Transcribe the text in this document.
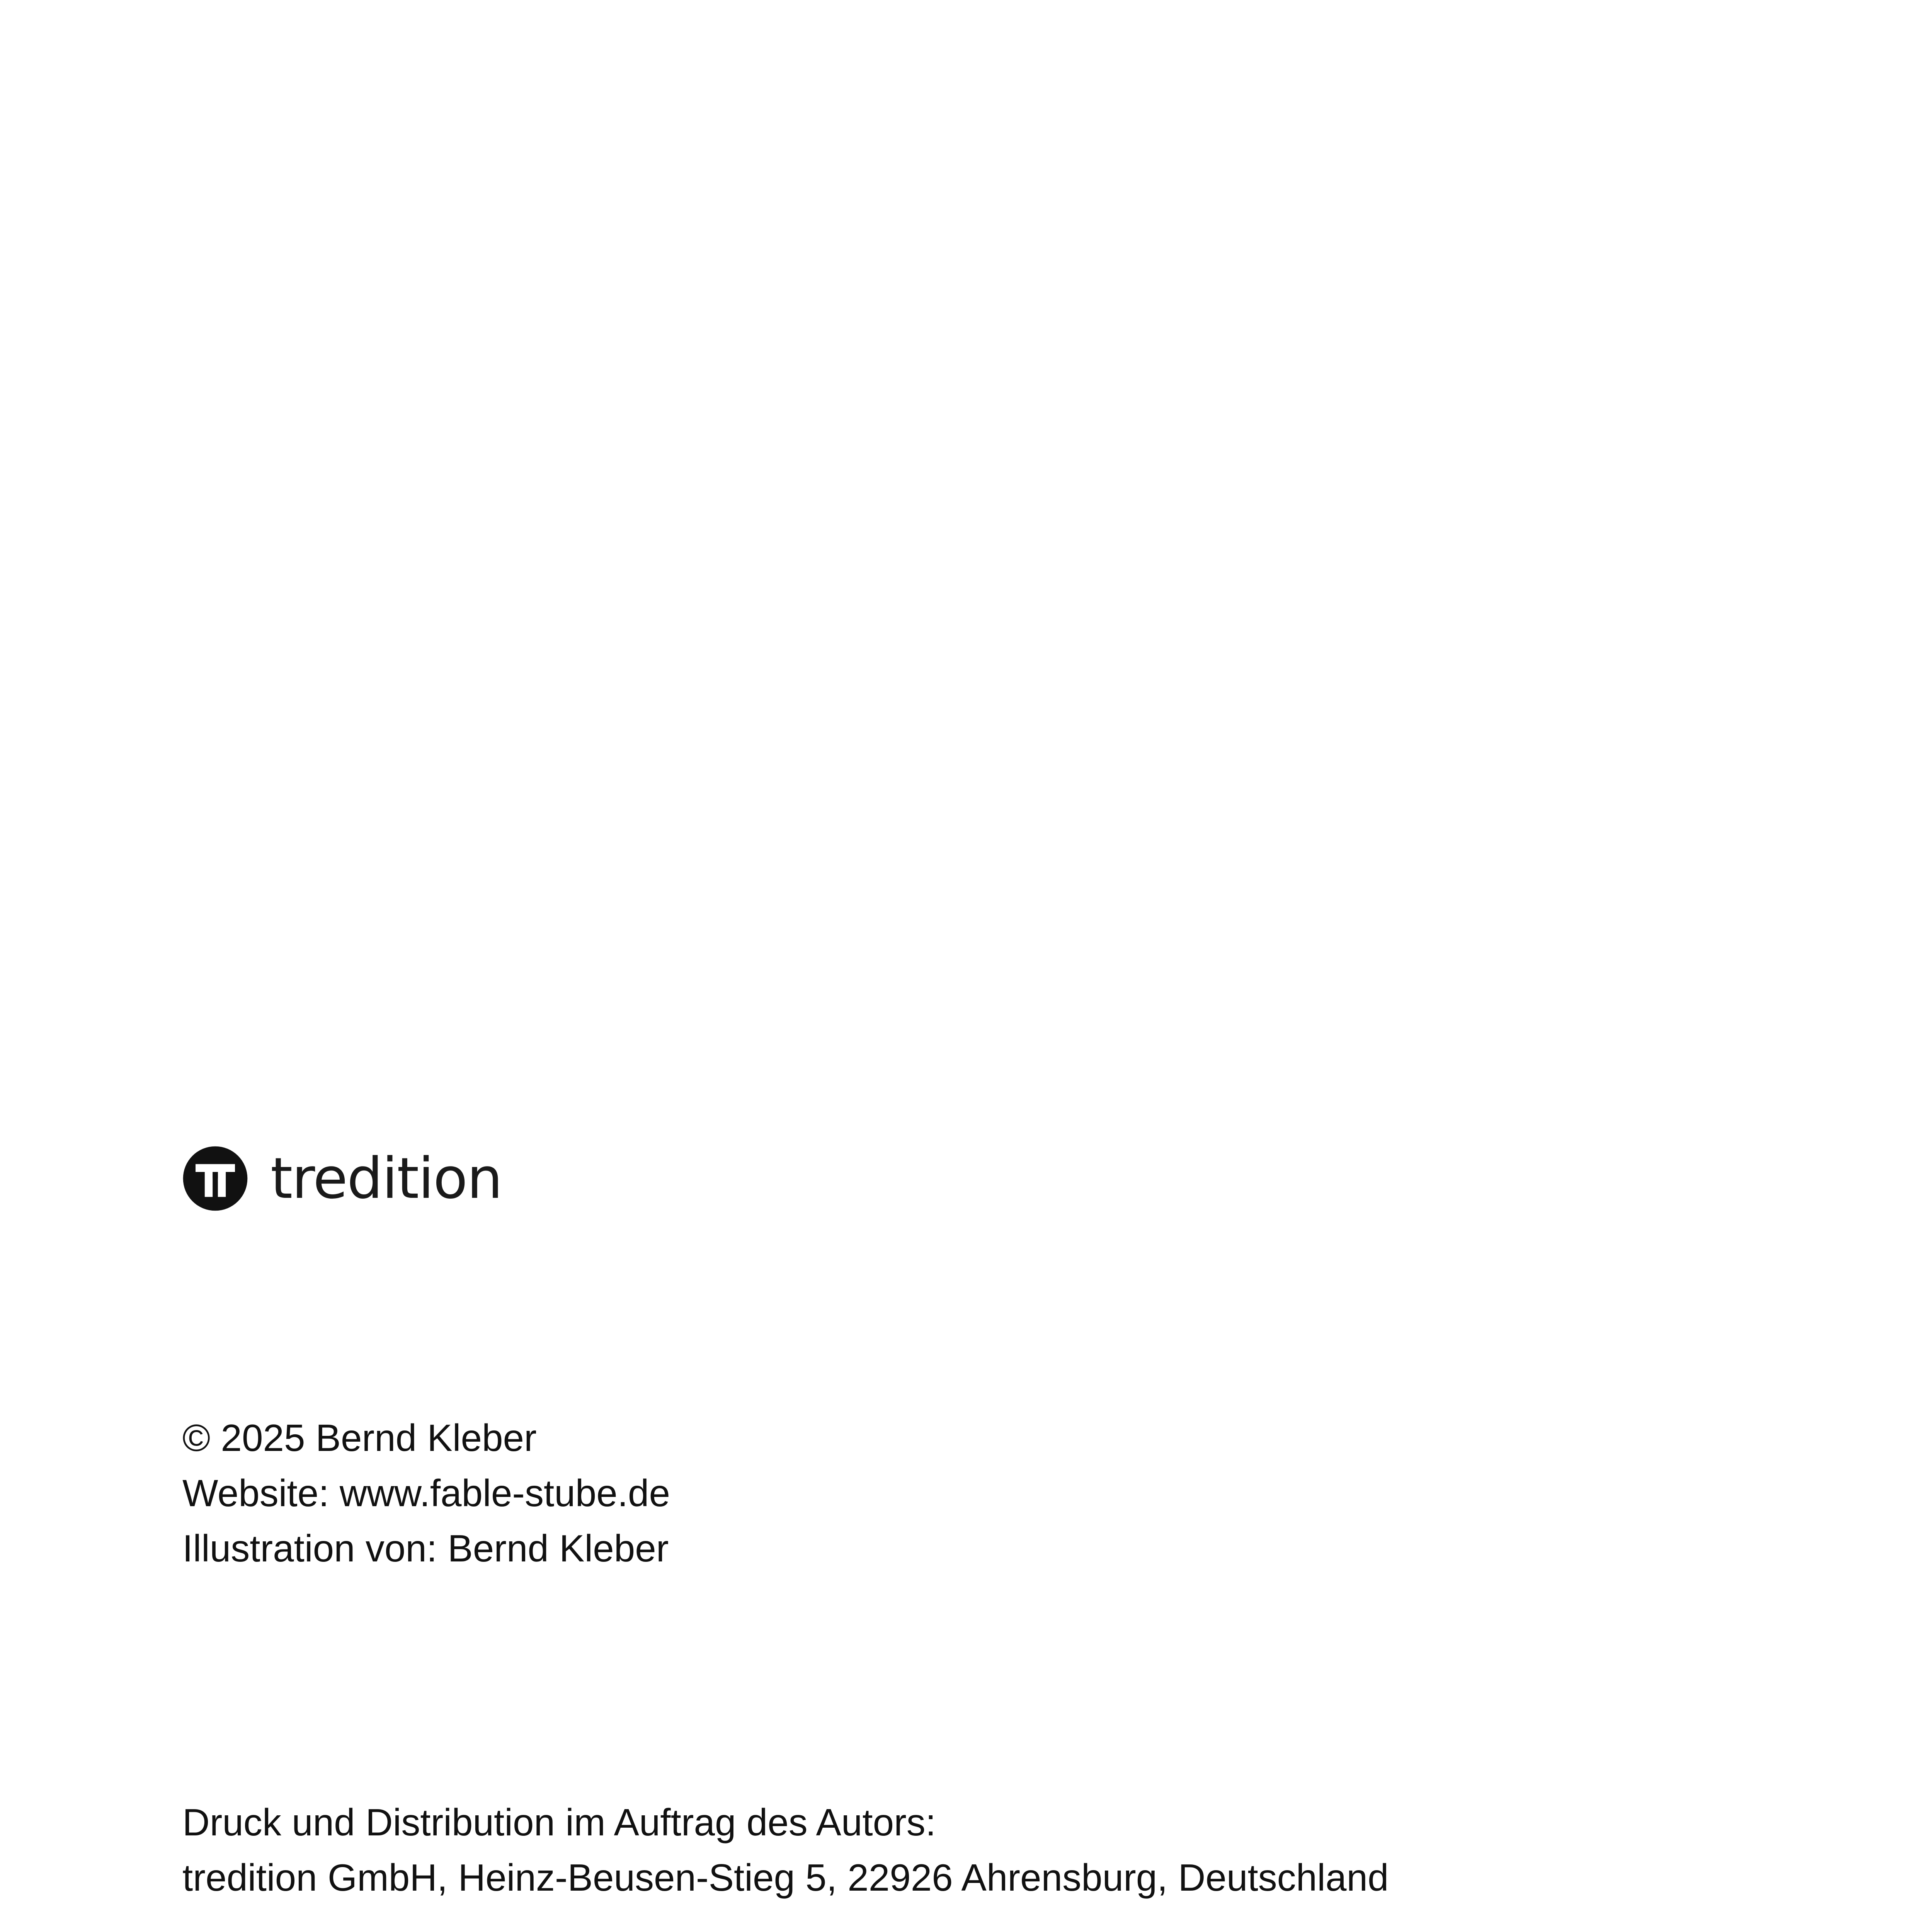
tredition

© 2025 Bernd Kleber

Website: www.fable-stube.de

Illustration von: Bernd Kleber

Druck und Distribution im Auftrag des Autors:

tredition GmbH, Heinz-Beusen-Stieg 5, 22926 Ahrensburg, Deutschland
